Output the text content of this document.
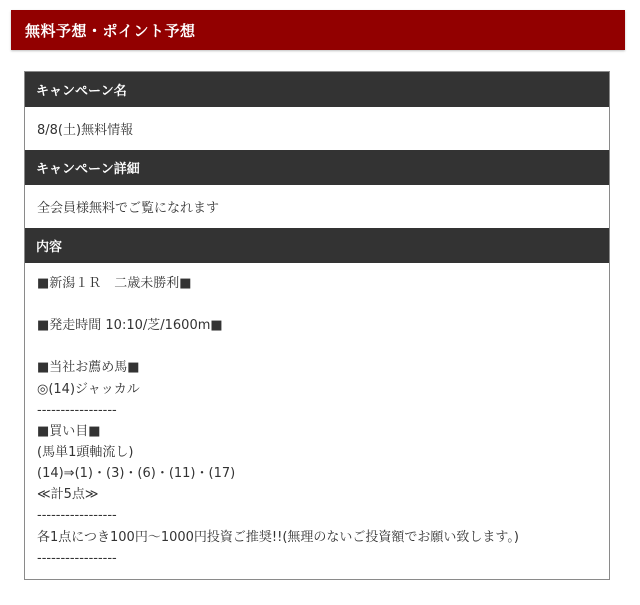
無料予想・ポイント予想
キャンペーン名
8/8(土)無料情報
キャンペーン詳細
全会員様無料でご覧になれます
内容
■新潟１Ｒ　二歳未勝利■
■発走時間 10:10/芝/1600m■
■当社お薦め馬■
◎(14)ジャッカル
-----------------
■買い目■
(馬単1頭軸流し)
(14)⇒(1)・(3)・(6)・(11)・(17)
≪計5点≫
-----------------
各1点につき100円〜1000円投資ご推奨!!(無理のないご投資額でお願い致します。)
-----------------
